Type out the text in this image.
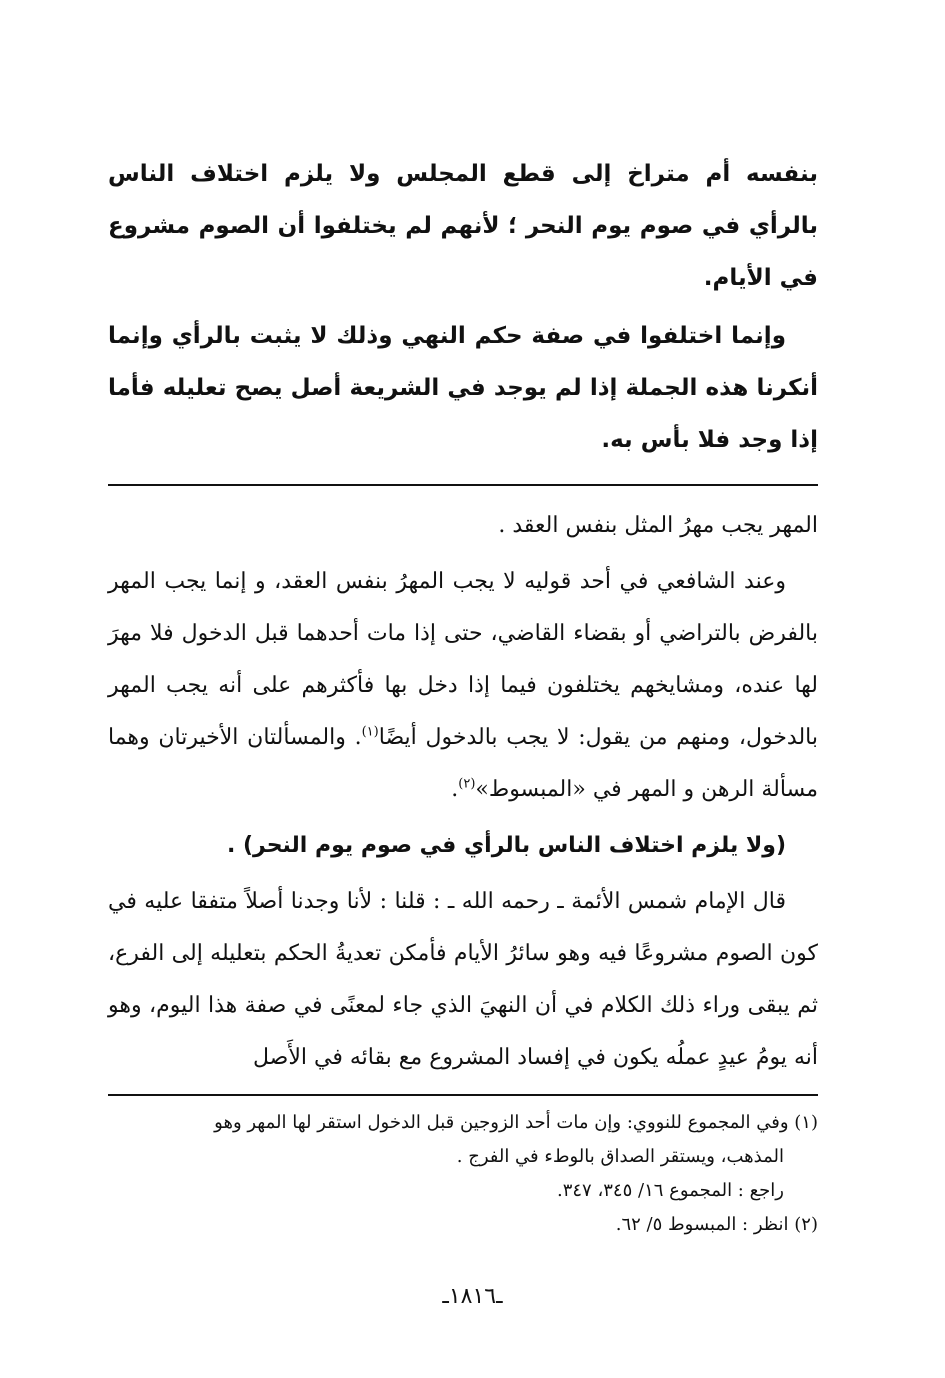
بنفسه أم متراخ إلى قطع المجلس ولا يلزم اختلاف الناس بالرأي في صوم يوم النحر ؛ لأنهم لم يختلفوا أن الصوم مشروع في الأيام.

وإنما اختلفوا في صفة حكم النهي وذلك لا يثبت بالرأي وإنما أنكرنا هذه الجملة إذا لم يوجد في الشريعة أصل يصح تعليله فأما إذا وجد فلا بأس به.

المهر يجب مهرُ المثل بنفس العقد .

وعند الشافعي في أحد قوليه لا يجب المهرُ بنفس العقد، و إنما يجب المهر بالفرض بالتراضي أو بقضاء القاضي، حتى إذا مات أحدهما قبل الدخول فلا مهرَ لها عنده، ومشايخهم يختلفون فيما إذا دخل بها فأكثرهم على أنه يجب المهر بالدخول، ومنهم من يقول: لا يجب بالدخول أيضًا$^{(١)}$. والمسألتان الأخيرتان وهما مسألة الرهن و المهر في «المبسوط»$^{(٢)}$.

(ولا يلزم اختلاف الناس بالرأي في صوم يوم النحر) .

قال الإمام شمس الأئمة ـ رحمه الله ـ : قلنا : لأنا وجدنا أصلاً متفقا عليه في كون الصوم مشروعًا فيه وهو سائرُ الأيام فأمكن تعديةُ الحكم بتعليله إلى الفرع، ثم يبقى وراء ذلك الكلام في أن النهيَ الذي جاء لمعنًى في صفة هذا اليوم، وهو أنه يومُ عيدٍ عملُه يكون في إفساد المشروع مع بقائه في الأَصل

(١) وفي المجموع للنووي: وإن مات أحد الزوجين قبل الدخول استقر لها المهر وهو

المذهب، ويستقر الصداق بالوطء في الفرج .

راجع : المجموع ١٦/ ٣٤٥، ٣٤٧.

(٢) انظر : المبسوط ٥/ ٦٢.

ـ١٨١٦ـ
